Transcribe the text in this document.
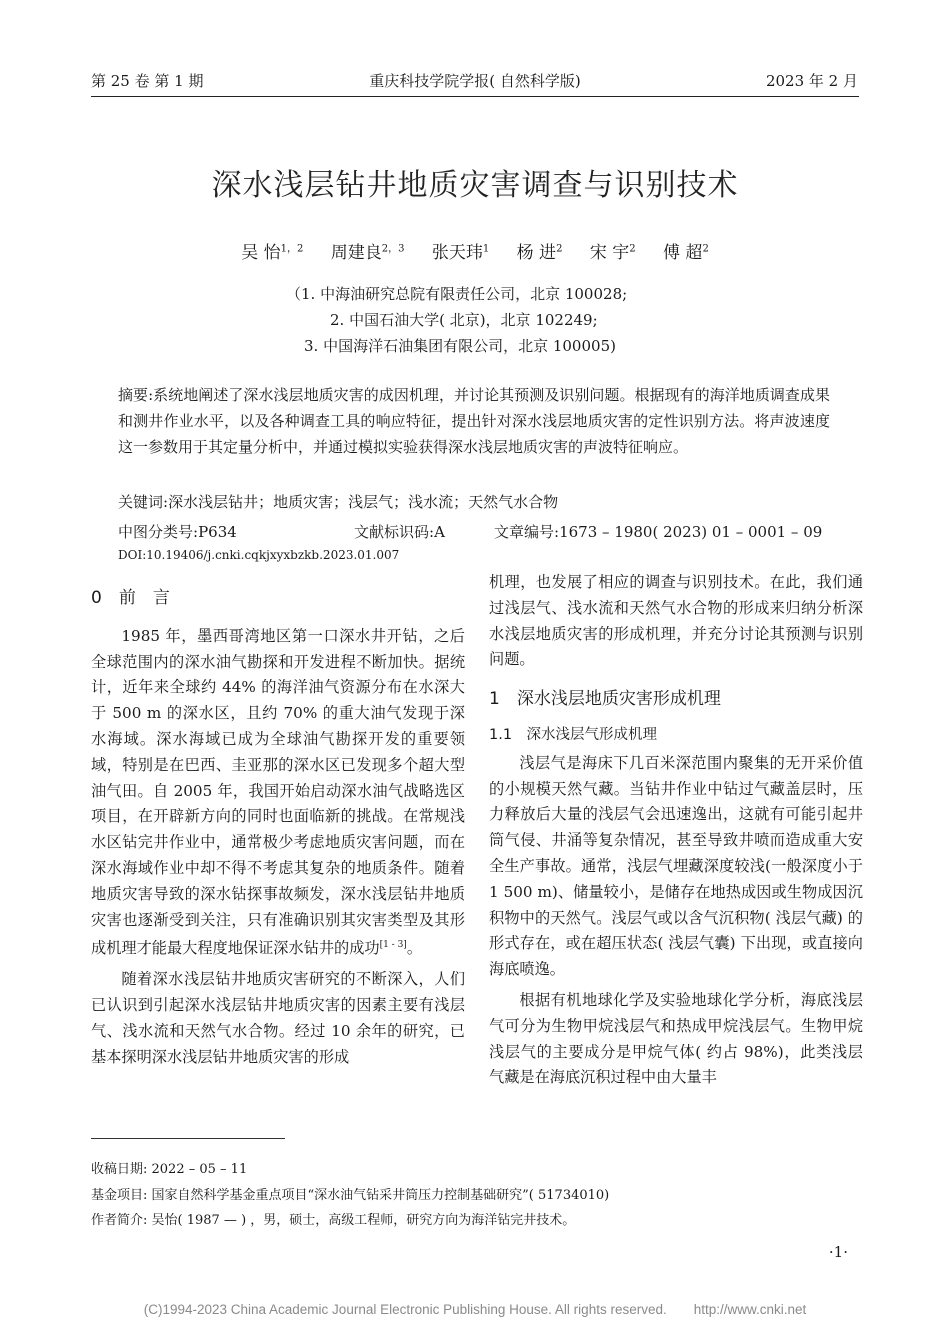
第 25 卷 第 1 期	重庆科技学院学报( 自然科学版)	2023 年 2 月
深水浅层钻井地质灾害调查与识别技术
吴 怡$^{1,2}$ 周建良$^{2,3}$ 张天玮$^1$ 杨 进$^2$ 宋 宇$^2$ 傅 超$^2$
（1. 中海油研究总院有限责任公司，北京 100028;
2. 中国石油大学( 北京)，北京 102249;
3. 中国海洋石油集团有限公司，北京 100005)
摘要:系统地阐述了深水浅层地质灾害的成因机理，并讨论其预测及识别问题。根据现有的海洋地质调查成果和测井作业水平，以及各种调查工具的响应特征，提出针对深水浅层地质灾害的定性识别方法。将声波速度这一参数用于其定量分析中，并通过模拟实验获得深水浅层地质灾害的声波特征响应。
关键词:深水浅层钻井；地质灾害；浅层气；浅水流；天然气水合物
中图分类号:P634	文献标识码:A	文章编号:1673 – 1980( 2023) 01 – 0001 – 09
DOI:10.19406/j.cnki.cqkjxyxbzkb.2023.01.007
0　前　言

1985 年，墨西哥湾地区第一口深水井开钻，之后全球范围内的深水油气勘探和开发进程不断加快。据统计，近年来全球约 44% 的海洋油气资源分布在水深大于 500 m 的深水区，且约 70% 的重大油气发现于深水海域。深水海域已成为全球油气勘探开发的重要领域，特别是在巴西、圭亚那的深水区已发现多个超大型油气田。自 2005 年，我国开始启动深水油气战略选区项目，在开辟新方向的同时也面临新的挑战。在常规浅水区钻完井作业中，通常极少考虑地质灾害问题，而在深水海域作业中却不得不考虑其复杂的地质条件。随着地质灾害导致的深水钻探事故频发，深水浅层钻井地质灾害也逐渐受到关注，只有准确识别其灾害类型及其形成机理才能最大程度地保证深水钻井的成功[1 - 3]。

随着深水浅层钻井地质灾害研究的不断深入，人们已认识到引起深水浅层钻井地质灾害的因素主要有浅层气、浅水流和天然气水合物。经过 10 余年的研究，已基本探明深水浅层钻井地质灾害的形成

机理，也发展了相应的调查与识别技术。在此，我们通过浅层气、浅水流和天然气水合物的形成来归纳分析深水浅层地质灾害的形成机理，并充分讨论其预测与识别问题。

1　深水浅层地质灾害形成机理
1.1　深水浅层气形成机理

浅层气是海床下几百米深范围内聚集的无开采价值的小规模天然气藏。当钻井作业中钻过气藏盖层时，压力释放后大量的浅层气会迅速逸出，这就有可能引起井筒气侵、井涌等复杂情况，甚至导致井喷而造成重大安全生产事故。通常，浅层气埋藏深度较浅(一般深度小于 1 500 m)、储量较小，是储存在地热成因或生物成因沉积物中的天然气。浅层气或以含气沉积物( 浅层气藏) 的形式存在，或在超压状态( 浅层气囊) 下出现，或直接向海底喷逸。

根据有机地球化学及实验地球化学分析，海底浅层气可分为生物甲烷浅层气和热成甲烷浅层气。生物甲烷浅层气的主要成分是甲烷气体( 约占 98%)，此类浅层气藏是在海底沉积过程中由大量丰

收稿日期: 2022 – 05 – 11
基金项目: 国家自然科学基金重点项目“深水油气钻采井筒压力控制基础研究”( 51734010)
作者简介: 吴怡( 1987 — ) ，男，硕士，高级工程师，研究方向为海洋钻完井技术。
·1·
(C)1994-2023 China Academic Journal Electronic Publishing House. All rights reserved.　　http://www.cnki.net
